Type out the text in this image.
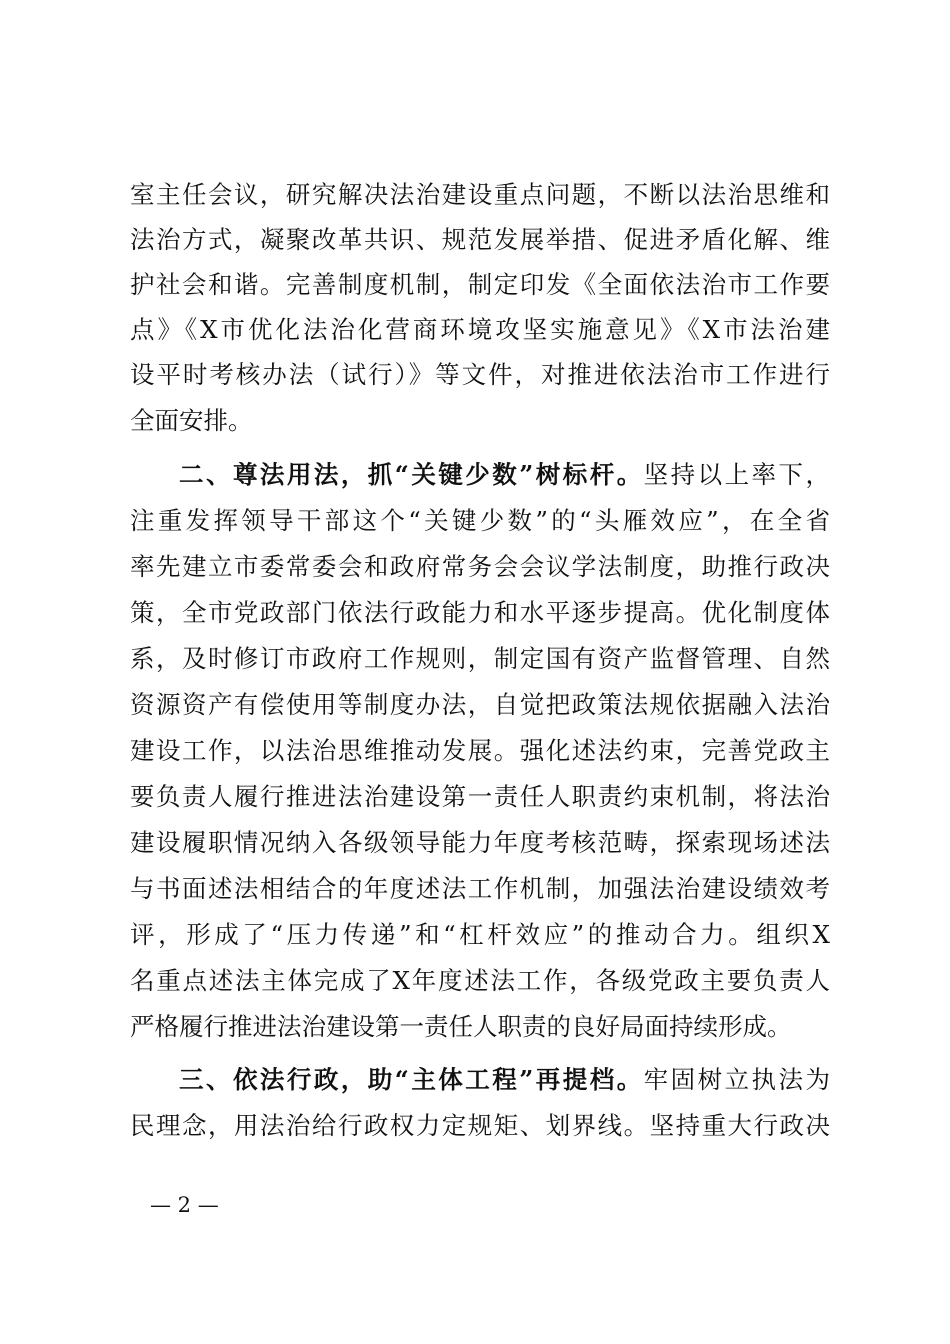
室主任会议，研究解决法治建设重点问题，不断以法治思维和
法治方式，凝聚改革共识、规范发展举措、促进矛盾化解、维
护社会和谐。完善制度机制，制定印发《全面依法治市工作要
点》《X市优化法治化营商环境攻坚实施意见》《X市法治建
设平时考核办法（试行）》等文件，对推进依法治市工作进行
全面安排。
二、尊法用法，抓“关键少数”树标杆。坚持以上率下，
注重发挥领导干部这个“关键少数”的“头雁效应”，在全省
率先建立市委常委会和政府常务会会议学法制度，助推行政决
策，全市党政部门依法行政能力和水平逐步提高。优化制度体
系，及时修订市政府工作规则，制定国有资产监督管理、自然
资源资产有偿使用等制度办法，自觉把政策法规依据融入法治
建设工作，以法治思维推动发展。强化述法约束，完善党政主
要负责人履行推进法治建设第一责任人职责约束机制，将法治
建设履职情况纳入各级领导能力年度考核范畴，探索现场述法
与书面述法相结合的年度述法工作机制，加强法治建设绩效考
评，形成了“压力传递”和“杠杆效应”的推动合力。组织X
名重点述法主体完成了X年度述法工作，各级党政主要负责人
严格履行推进法治建设第一责任人职责的良好局面持续形成。
三、依法行政，助“主体工程”再提档。牢固树立执法为
民理念，用法治给行政权力定规矩、划界线。坚持重大行政决
— 2 —
